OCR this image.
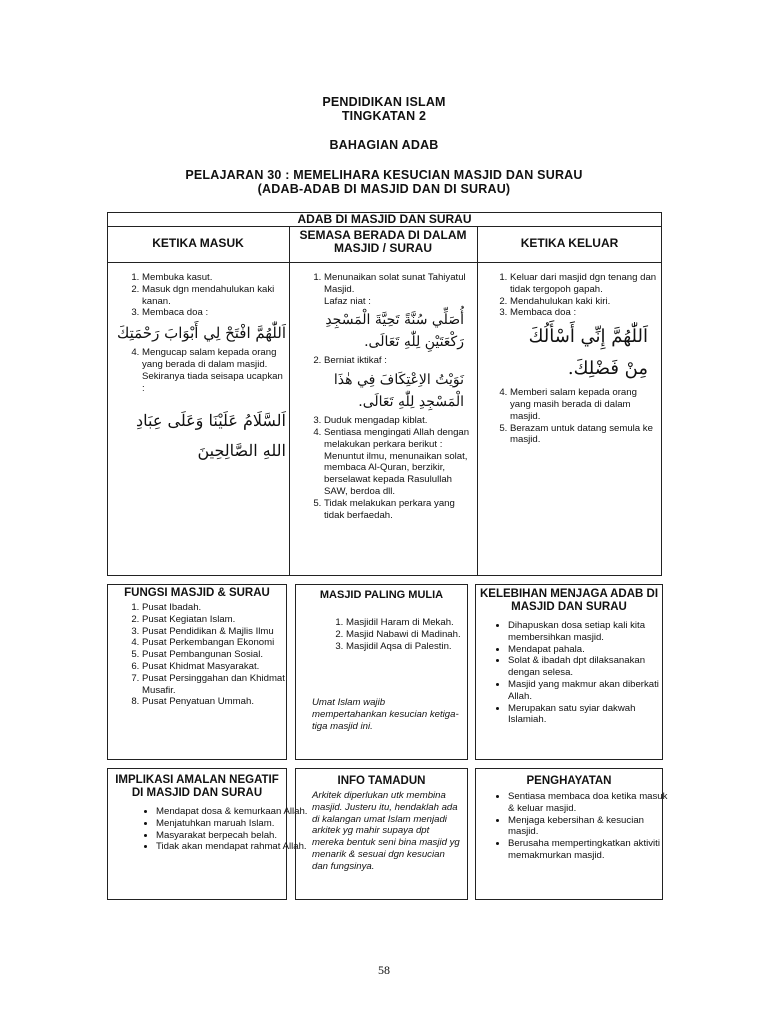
PENDIDIKAN ISLAM
TINGKATAN 2
BAHAGIAN ADAB
PELAJARAN 30 : MEMELIHARA KESUCIAN MASJID DAN SURAU
(ADAB-ADAB DI MASJID DAN DI SURAU)
ADAB DI MASJID DAN SURAU
KETIKA MASUK
SEMASA BERADA DI DALAM MASJID / SURAU	KETIKA KELUAR
1. Membuka kasut.
2. Masuk dgn mendahulukan kaki kanan.
3. Membaca doa :
اَللّٰهُمَّ افْتَحْ لِي أَبْوَابَ رَحْمَتِكَ
4. Mengucap salam kepada orang yang berada di dalam masjid. Sekiranya tiada seisapa ucapkan :
اَلسَّلَامُ عَلَيْنَا وَعَلَى عِبَادِ اللهِ الصَّالِحِينَ
1. Menunaikan solat sunat Tahiyatul Masjid.
Lafaz niat :
أُصَلِّي سُنَّةً تَحِيَّةَ الْمَسْجِدِ رَكْعَتَيْنِ لِلّٰهِ تَعَالَى.
2. Berniat iktikaf :
نَوَيْتُ الاِعْتِكَافَ فِي هٰذَا الْمَسْجِدِ لِلّٰهِ تَعَالَى.
3. Duduk mengadap kiblat.
4. Sentiasa mengingati Allah dengan melakukan perkara berikut :
Menuntut ilmu, menunaikan solat, membaca Al-Quran, berzikir, berselawat kepada Rasulullah SAW, berdoa dll.
5. Tidak melakukan perkara yang tidak berfaedah.
1. Keluar dari masjid dgn tenang dan tidak tergopoh gapah.
2. Mendahulukan kaki kiri.
3. Membaca doa :
اَللّٰهُمَّ إِنِّي أَسْأَلُكَ مِنْ فَضْلِكَ.
4. Memberi salam kepada orang yang masih berada di dalam masjid.
5. Berazam untuk datang semula ke masjid.
FUNGSI MASJID & SURAU
1. Pusat Ibadah.
2. Pusat Kegiatan Islam.
3. Pusat Pendidikan & Majlis Ilmu
4. Pusat Perkembangan Ekonomi
5. Pusat Pembangunan Sosial.
6. Pusat Khidmat Masyarakat.
7. Pusat Persinggahan dan Khidmat Musafir.
8. Pusat Penyatuan Ummah.
MASJID PALING MULIA
1. Masjidil Haram di Mekah.
2. Masjid Nabawi di Madinah.
3. Masjidil Aqsa di Palestin.
Umat Islam wajib mempertahankan kesucian ketiga-tiga masjid ini.
KELEBIHAN MENJAGA ADAB DI MASJID DAN SURAU
• Dihapuskan dosa setiap kali kita membersihkan masjid.
• Mendapat pahala.
• Solat & ibadah dpt dilaksanakan dengan selesa.
• Masjid yang makmur akan diberkati Allah.
• Merupakan satu syiar dakwah Islamiah.
IMPLIKASI AMALAN NEGATIF DI MASJID DAN SURAU
• Mendapat dosa & kemurkaan Allah.
• Menjatuhkan maruah Islam.
• Masyarakat berpecah belah.
• Tidak akan mendapat rahmat Allah.
INFO TAMADUN
Arkitek diperlukan utk membina masjid. Justeru itu, hendaklah ada di kalangan umat Islam menjadi arkitek yg mahir supaya dpt mereka bentuk seni bina masjid yg menarik & sesuai dgn kesucian dan fungsinya.
PENGHAYATAN
• Sentiasa membaca doa ketika masuk & keluar masjid.
• Menjaga kebersihan & kesucian masjid.
• Berusaha mempertingkatkan aktiviti memakmurkan masjid.
58
